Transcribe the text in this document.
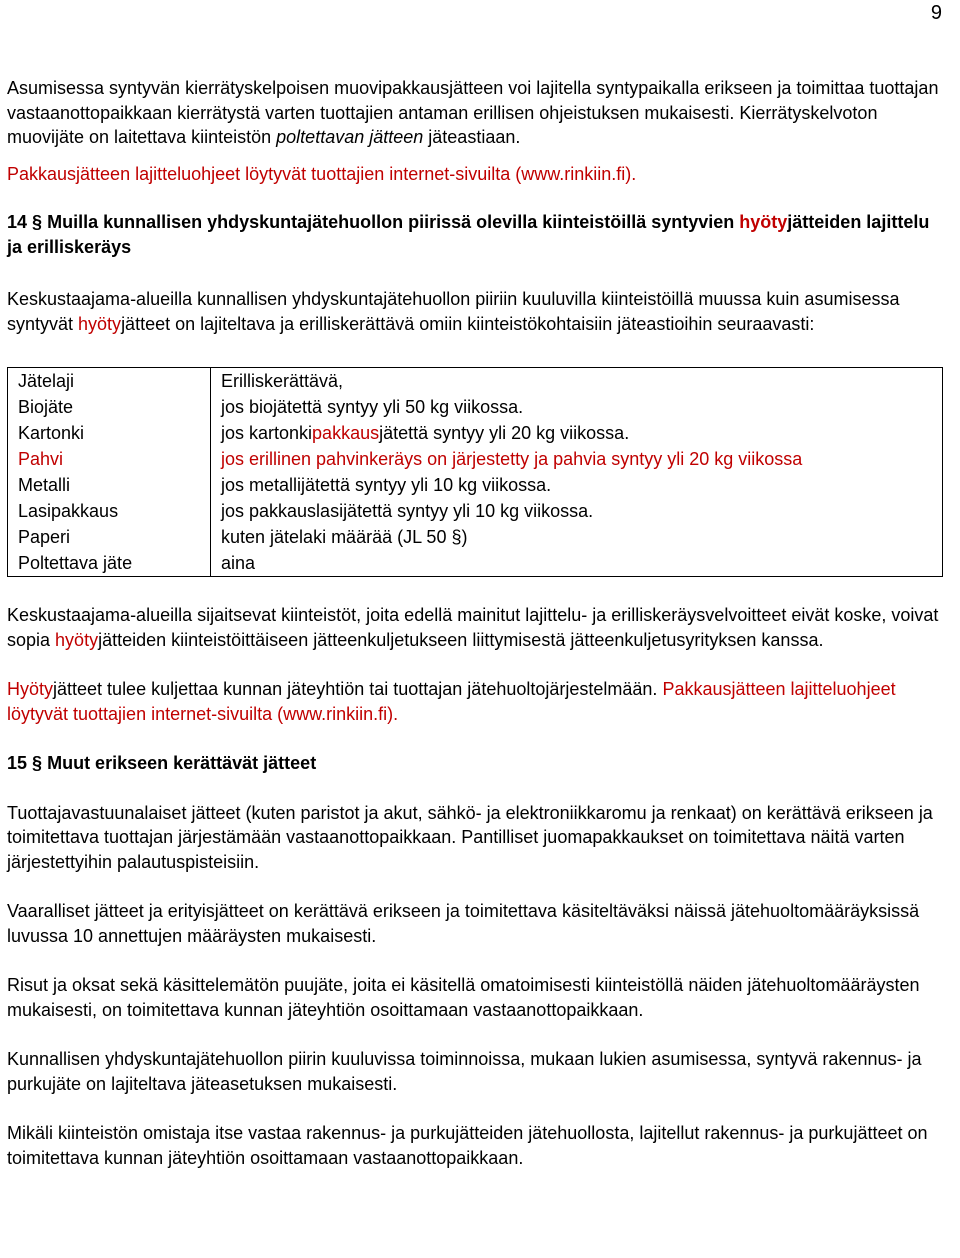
9

Asumisessa syntyvän kierrätyskelpoisen muovipakkausjätteen voi lajitella syntypaikalla erikseen ja toimittaa tuottajan vastaanottopaikkaan kierrätystä varten tuottajien antaman erillisen ohjeistuksen mukaisesti. Kierrätyskelvoton muovijäte on laitettava kiinteistön poltettavan jätteen jäteastiaan.

Pakkausjätteen lajitteluohjeet löytyvät tuottajien internet-sivuilta (www.rinkiin.fi).

14 § Muilla kunnallisen yhdyskuntajätehuollon piirissä olevilla kiinteistöillä syntyvien hyötyjätteiden lajittelu ja erilliskeräys

Keskustaajama-alueilla kunnallisen yhdyskuntajätehuollon piiriin kuuluvilla kiinteistöillä muussa kuin asumisessa syntyvät hyötyjätteet on lajiteltava ja erilliskerättävä omiin kiinteistökohtaisiin jäteastioihin seuraavasti:

Jätelaji	Erilliskerättävä,
Biojäte	jos biojätettä syntyy yli 50 kg viikossa.
Kartonki	jos kartonkipakkausjätettä syntyy yli 20 kg viikossa.
Pahvi	jos erillinen pahvinkeräys on järjestetty ja pahvia syntyy yli 20 kg viikossa
Metalli	jos metallijätettä syntyy yli 10 kg viikossa.
Lasipakkaus	jos pakkauslasijätettä syntyy yli 10 kg viikossa.
Paperi	kuten jätelaki määrää (JL 50 §)
Poltettava jäte	aina

Keskustaajama-alueilla sijaitsevat kiinteistöt, joita edellä mainitut lajittelu- ja erilliskeräysvelvoitteet eivät koske, voivat sopia hyötyjätteiden kiinteistöittäiseen jätteenkuljetukseen liittymisestä jätteenkuljetusyrityksen kanssa.

Hyötyjätteet tulee kuljettaa kunnan jäteyhtiön tai tuottajan jätehuoltojärjestelmään. Pakkausjätteen lajitteluohjeet löytyvät tuottajien internet-sivuilta (www.rinkiin.fi).

15 § Muut erikseen kerättävät jätteet

Tuottajavastuunalaiset jätteet (kuten paristot ja akut, sähkö- ja elektroniikkaromu ja renkaat) on kerättävä erikseen ja toimitettava tuottajan järjestämään vastaanottopaikkaan. Pantilliset juomapakkaukset on toimitettava näitä varten järjestettyihin palautuspisteisiin.

Vaaralliset jätteet ja erityisjätteet on kerättävä erikseen ja toimitettava käsiteltäväksi näissä jätehuoltomääräyksissä luvussa 10 annettujen määräysten mukaisesti.

Risut ja oksat sekä käsittelemätön puujäte, joita ei käsitellä omatoimisesti kiinteistöllä näiden jätehuoltomääräysten mukaisesti, on toimitettava kunnan jäteyhtiön osoittamaan vastaanottopaikkaan.

Kunnallisen yhdyskuntajätehuollon piirin kuuluvissa toiminnoissa, mukaan lukien asumisessa, syntyvä rakennus- ja purkujäte on lajiteltava jäteasetuksen mukaisesti.

Mikäli kiinteistön omistaja itse vastaa rakennus- ja purkujätteiden jätehuollosta, lajitellut rakennus- ja purkujätteet on toimitettava kunnan jäteyhtiön osoittamaan vastaanottopaikkaan.
